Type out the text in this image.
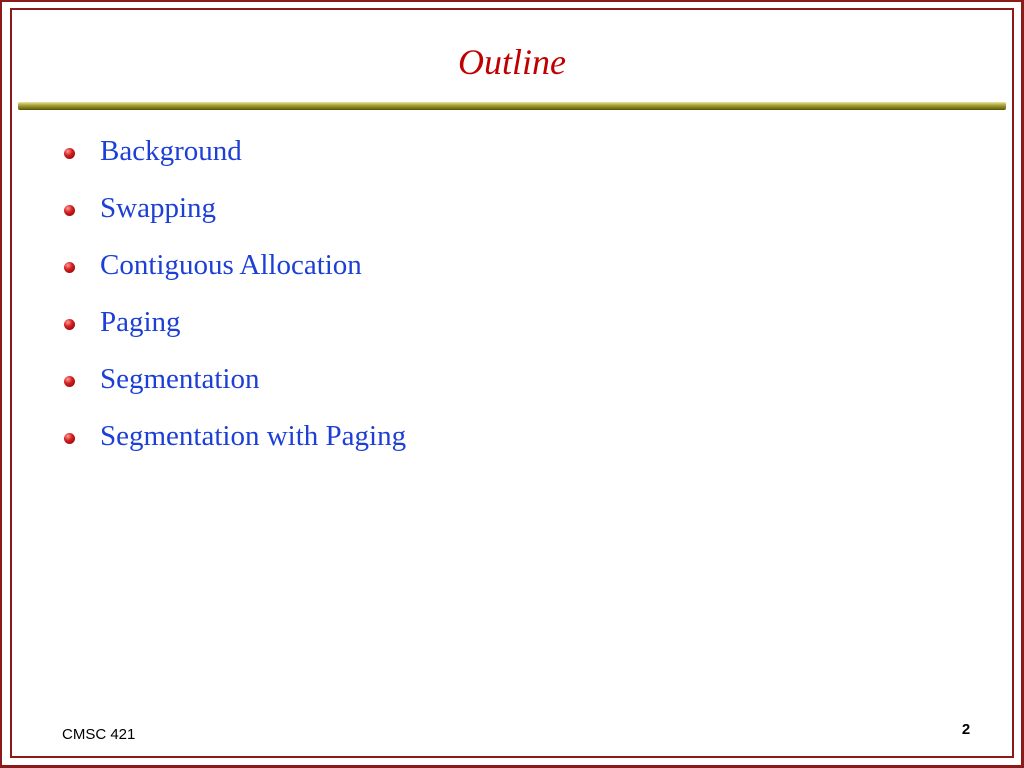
Outline
Background
Swapping
Contiguous Allocation
Paging
Segmentation
Segmentation with Paging
CMSC 421	2
